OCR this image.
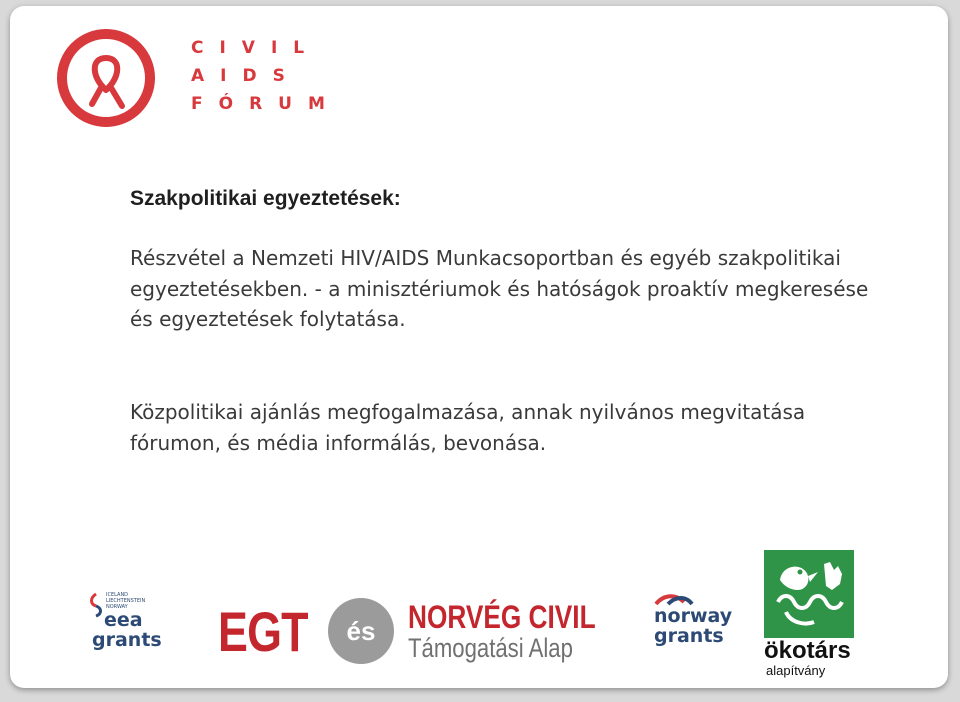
CIVIL
AIDS
FÓRUM
Szakpolitikai egyeztetések:

Részvétel a Nemzeti HIV/AIDS Munkacsoportban és egyéb szakpolitikai egyeztetésekben. - a minisztériumok és hatóságok proaktív megkeresése és egyeztetések folytatása.

Közpolitikai ajánlás megfogalmazása, annak nyilvános megvitatása fórumon, és média informálás, bevonása.

ICELAND
LIECHTENSTEIN
NORWAY
eea
grants EGT	és	NORVÉG CIVIL
Támogatási Alap
norway
grants
ökotárs
alapítvány
